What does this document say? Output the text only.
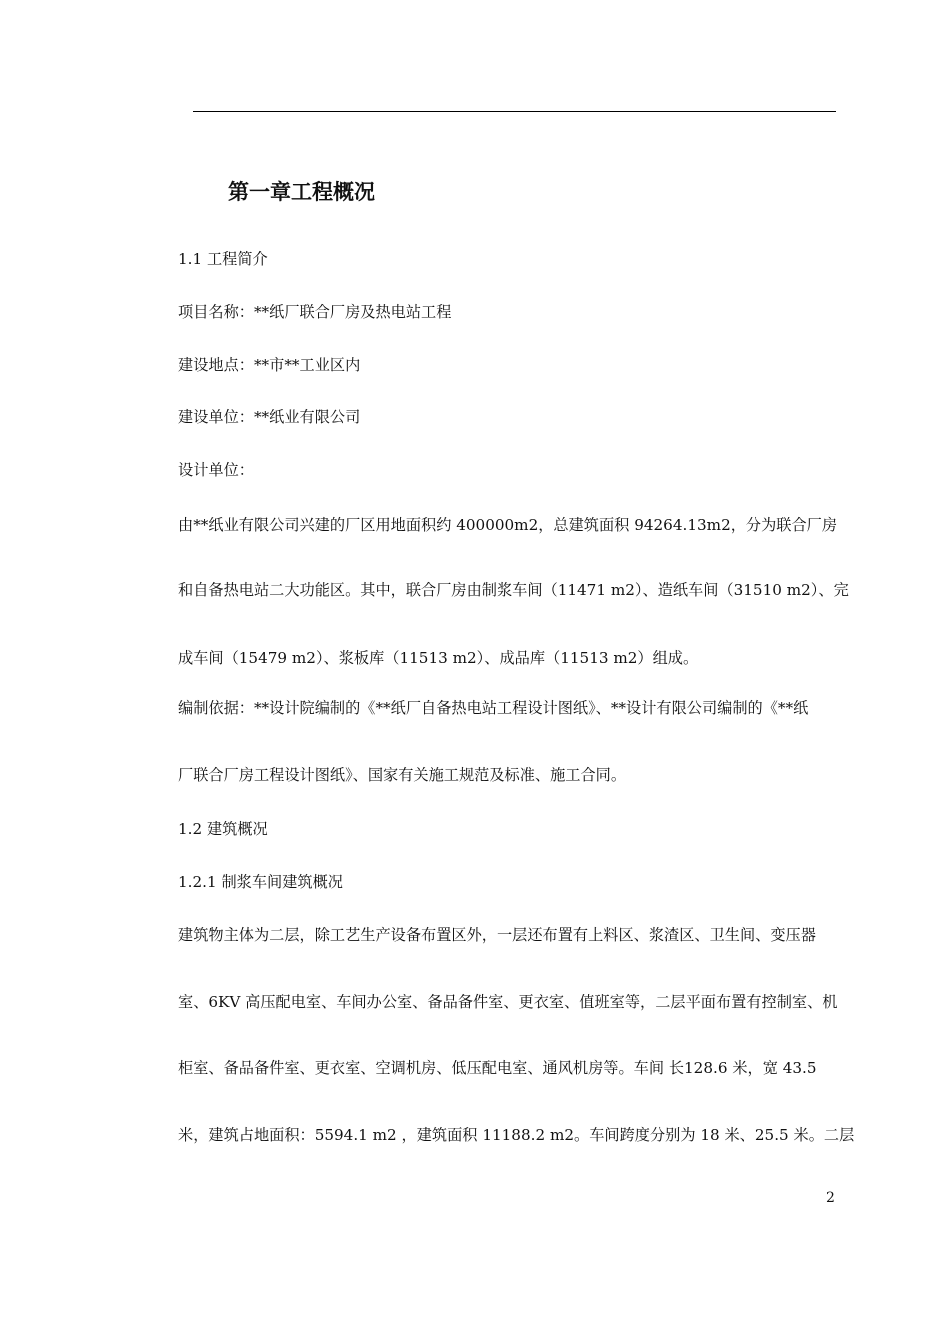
第一章工程概况
1.1 工程简介
项目名称：**纸厂联合厂房及热电站工程
建设地点：**市**工业区内
建设单位：**纸业有限公司
设计单位：
由**纸业有限公司兴建的厂区用地面积约 400000m2，总建筑面积 94264.13m2，分为联合厂房
和自备热电站二大功能区。其中，联合厂房由制浆车间（11471 m2）、造纸车间（31510 m2）、完
成车间（15479 m2）、浆板库（11513 m2）、成品库（11513 m2）组成。
编制依据：**设计院编制的《**纸厂自备热电站工程设计图纸》、**设计有限公司编制的《**纸
厂联合厂房工程设计图纸》、国家有关施工规范及标准、施工合同。
1.2 建筑概况
1.2.1 制浆车间建筑概况
建筑物主体为二层，除工艺生产设备布置区外，一层还布置有上料区、浆渣区、卫生间、变压器
室、6KV 高压配电室、车间办公室、备品备件室、更衣室、值班室等，二层平面布置有控制室、机
柜室、备品备件室、更衣室、空调机房、低压配电室、通风机房等。车间 长128.6 米，宽 43.5
米，建筑占地面积：5594.1 m2 ，建筑面积 11188.2 m2。车间跨度分别为 18 米、25.5 米。二层
2
